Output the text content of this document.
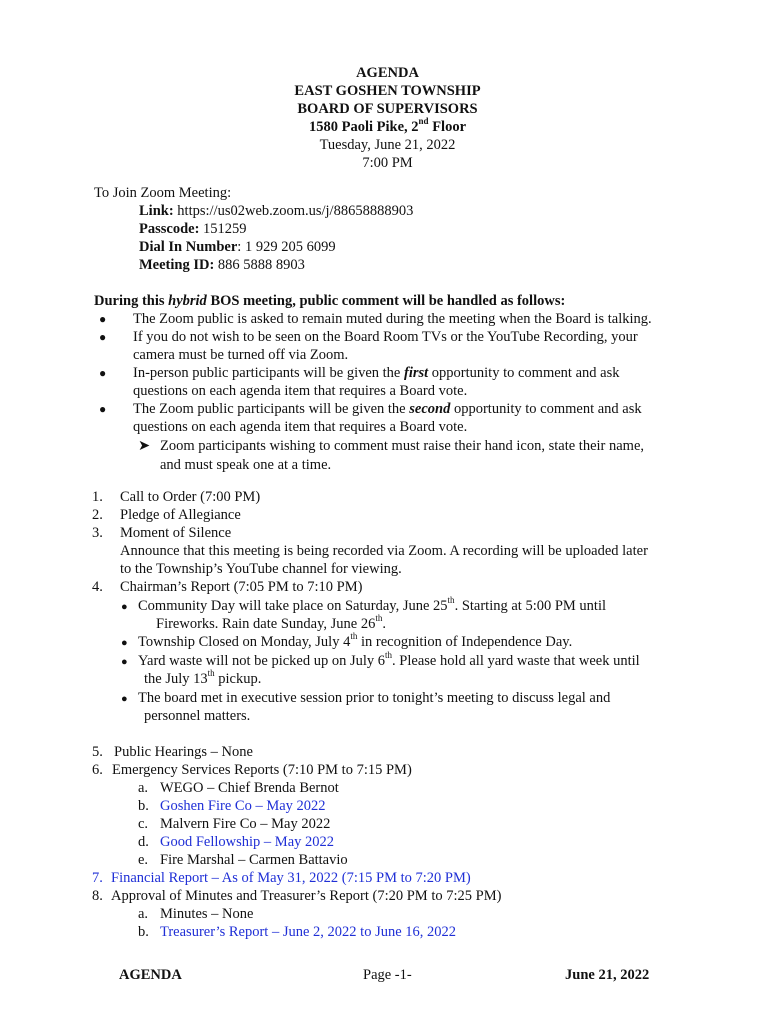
AGENDA
EAST GOSHEN TOWNSHIP
BOARD OF SUPERVISORS
1580 Paoli Pike, 2nd Floor
Tuesday, June 21, 2022
7:00 PM
To Join Zoom Meeting:
Link: https://us02web.zoom.us/j/88658888903
Passcode: 151259
Dial In Number: 1 929 205 6099
Meeting ID: 886 5888 8903
During this hybrid BOS meeting, public comment will be handled as follows:
● The Zoom public is asked to remain muted during the meeting when the Board is talking.
● If you do not wish to be seen on the Board Room TVs or the YouTube Recording, your
camera must be turned off via Zoom.
● In-person public participants will be given the first opportunity to comment and ask
questions on each agenda item that requires a Board vote.
● The Zoom public participants will be given the second opportunity to comment and ask
questions on each agenda item that requires a Board vote.
➤ Zoom participants wishing to comment must raise their hand icon, state their name,
and must speak one at a time.
1. Call to Order (7:00 PM)
2. Pledge of Allegiance
3. Moment of Silence
Announce that this meeting is being recorded via Zoom. A recording will be uploaded later
to the Township’s YouTube channel for viewing.
4. Chairman’s Report (7:05 PM to 7:10 PM)
● Community Day will take place on Saturday, June 25th. Starting at 5:00 PM until
Fireworks. Rain date Sunday, June 26th.
● Township Closed on Monday, July 4th in recognition of Independence Day.
● Yard waste will not be picked up on July 6th. Please hold all yard waste that week until
the July 13th pickup.
● The board met in executive session prior to tonight’s meeting to discuss legal and
personnel matters.
5. Public Hearings – None
6. Emergency Services Reports (7:10 PM to 7:15 PM)
a. WEGO – Chief Brenda Bernot
b. Goshen Fire Co – May 2022
c. Malvern Fire Co – May 2022
d. Good Fellowship – May 2022
e. Fire Marshal – Carmen Battavio
7. Financial Report – As of May 31, 2022 (7:15 PM to 7:20 PM)
8. Approval of Minutes and Treasurer’s Report (7:20 PM to 7:25 PM)
a. Minutes – None
b. Treasurer’s Report – June 2, 2022 to June 16, 2022
AGENDA	Page -1-	June 21, 2022
